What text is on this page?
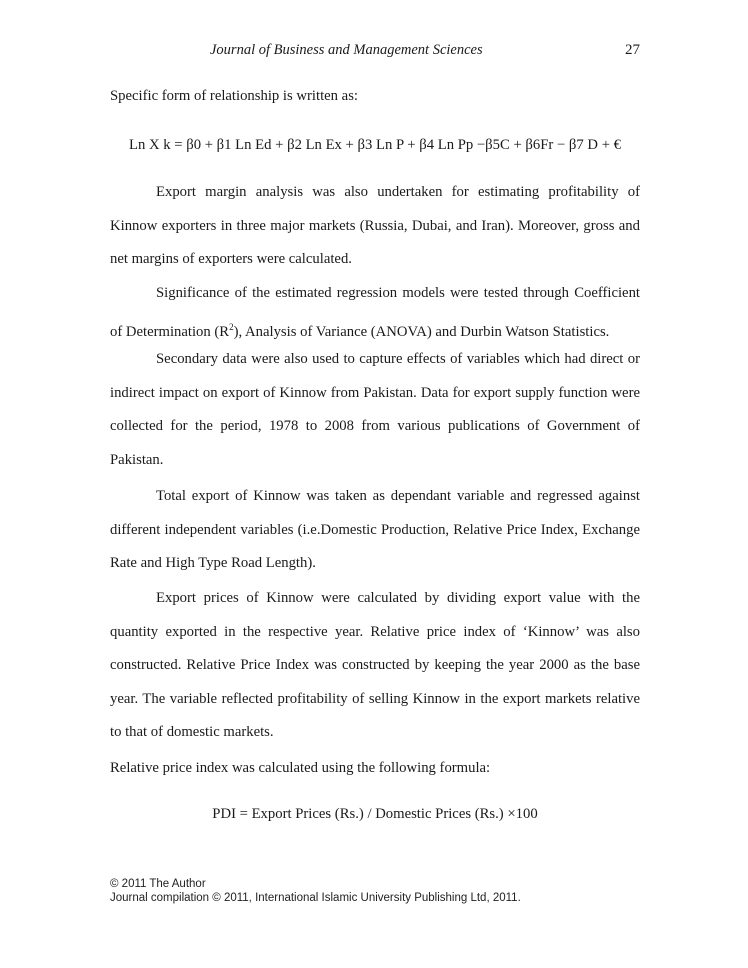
Journal of Business and Management Sciences	27

Specific form of relationship is written as:

Ln X k = β0 + β1 Ln Ed + β2 Ln Ex + β3 Ln P + β4 Ln Pp −β5C + β6Fr − β7 D + €

Export margin analysis was also undertaken for estimating profitability of Kinnow exporters in three major markets (Russia, Dubai, and Iran). Moreover, gross and net margins of exporters were calculated.

Significance of the estimated regression models were tested through Coefficient of Determination $(R^2)$, Analysis of Variance (ANOVA) and Durbin Watson Statistics.

Secondary data were also used to capture effects of variables which had direct or indirect impact on export of Kinnow from Pakistan. Data for export supply function were collected for the period, 1978 to 2008 from various publications of Government of Pakistan.

Total export of Kinnow was taken as dependant variable and regressed against different independent variables (i.e.Domestic Production, Relative Price Index, Exchange Rate and High Type Road Length).

Export prices of Kinnow were calculated by dividing export value with the quantity exported in the respective year. Relative price index of ‘Kinnow’ was also constructed. Relative Price Index was constructed by keeping the year 2000 as the base year. The variable reflected profitability of selling Kinnow in the export markets relative to that of domestic markets.

Relative price index was calculated using the following formula:

PDI = Export Prices (Rs.) / Domestic Prices (Rs.) ×100
© 2011 The Author
Journal compilation © 2011, International Islamic University Publishing Ltd, 2011.
